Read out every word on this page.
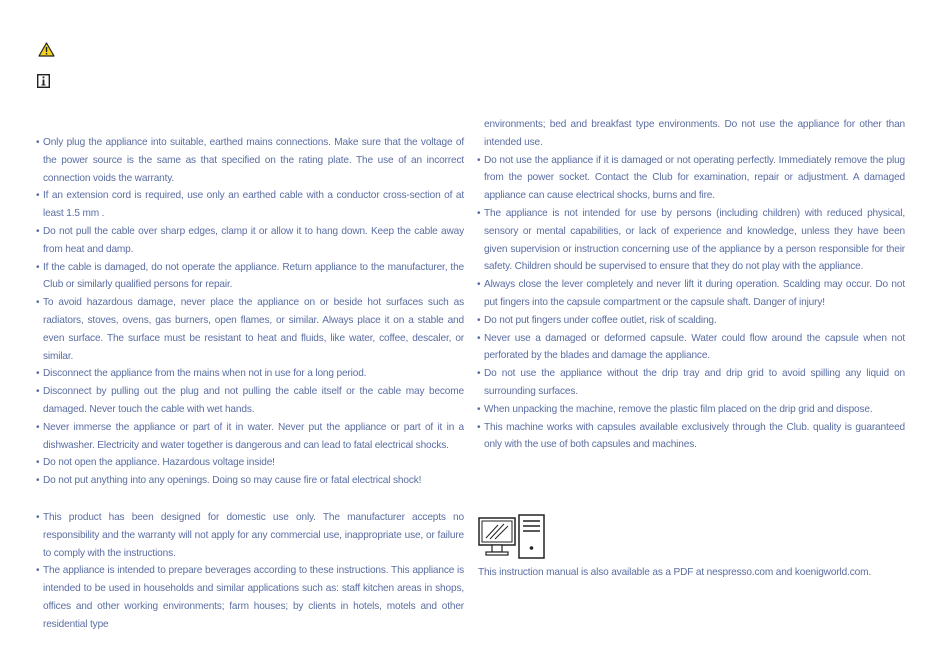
• Only plug the appliance into suitable, earthed mains connections. Make sure that the voltage of the power source is the same as that specified on the rating plate. The use of an incorrect connection voids the warranty.
• If an extension cord is required, use only an earthed cable with a conductor cross-section of at least 1.5 mm .
• Do not pull the cable over sharp edges, clamp it or allow it to hang down. Keep the cable away from heat and damp.
• If the cable is damaged, do not operate the appliance. Return appliance to the manufacturer, the Club or similarly qualified persons for repair.
• To avoid hazardous damage, never place the appliance on or beside hot surfaces such as radiators, stoves, ovens, gas burners, open flames, or similar. Always place it on a stable and even surface. The surface must be resistant to heat and fluids, like water, coffee, descaler, or similar.
• Disconnect the appliance from the mains when not in use for a long period.
• Disconnect by pulling out the plug and not pulling the cable itself or the cable may become damaged. Never touch the cable with wet hands.
• Never immerse the appliance or part of it in water. Never put the appliance or part of it in a dishwasher. Electricity and water together is dangerous and can lead to fatal electrical shocks.
• Do not open the appliance. Hazardous voltage inside!
• Do not put anything into any openings. Doing so may cause fire or fatal electrical shock!
• This product has been designed for domestic use only. The manufacturer accepts no responsibility and the warranty will not apply for any commercial use, inappropriate use, or failure to comply with the instructions.
• The appliance is intended to prepare beverages according to these instructions. This appliance is intended to be used in households and similar applications such as: staff kitchen areas in shops, offices and other working environments; farm houses; by clients in hotels, motels and other residential type
environments; bed and breakfast type environments. Do not use the appliance for other than intended use.
• Do not use the appliance if it is damaged or not operating perfectly. Immediately remove the plug from the power socket. Contact the Club for examination, repair or adjustment. A damaged appliance can cause electrical shocks, burns and fire.
• The appliance is not intended for use by persons (including children) with reduced physical, sensory or mental capabilities, or lack of experience and knowledge, unless they have been given supervision or instruction concerning use of the appliance by a person responsible for their safety. Children should be supervised to ensure that they do not play with the appliance.
• Always close the lever completely and never lift it during operation. Scalding may occur. Do not put fingers into the capsule compartment or the capsule shaft. Danger of injury!
• Do not put fingers under coffee outlet, risk of scalding.
• Never use a damaged or deformed capsule. Water could flow around the capsule when not perforated by the blades and damage the appliance.
• Do not use the appliance without the drip tray and drip grid to avoid spilling any liquid on surrounding surfaces.
• When unpacking the machine, remove the plastic film placed on the drip grid and dispose.
• This machine works with capsules available exclusively through the Club. quality is guaranteed only with the use of both capsules and machines.
This instruction manual is also available as a PDF at nespresso.com and koenigworld.com.
